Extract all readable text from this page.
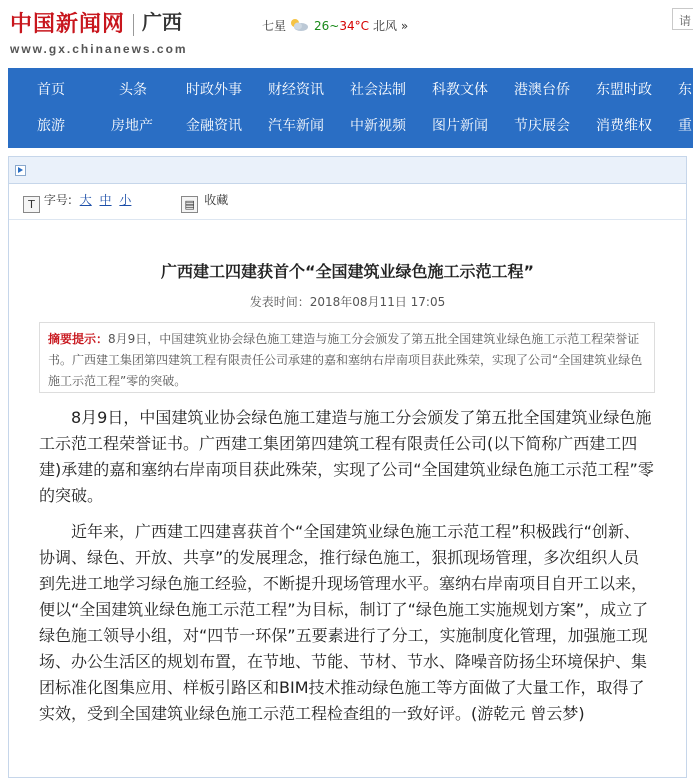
中国新闻网 广西
www.gx.chinanews.com
七星 26~34°C 北风 »	请
首页	头条	时政外事 财经资讯 社会法制 科教文体 港澳台侨 东盟时政 东
旅游	房地产 金融资讯 汽车新闻 中新视频 图片新闻 节庆展会 消费维权 重
T 字号: 大 中 小	▤ 收藏
广西建工四建获首个“全国建筑业绿色施工示范工程”
发表时间：2018年08月11日 17:05
摘要提示：8月9日，中国建筑业协会绿色施工建造与施工分会颁发了第五批全国建筑业绿色施工示范工程荣誉证书。广西建工集团第四建筑工程有限责任公司承建的嘉和塞纳右岸南项目获此殊荣，实现了公司“全国建筑业绿色施工示范工程”零的突破。

8月9日，中国建筑业协会绿色施工建造与施工分会颁发了第五批全国建筑业绿色施工示范工程荣誉证书。广西建工集团第四建筑工程有限责任公司(以下简称广西建工四建)承建的嘉和塞纳右岸南项目获此殊荣，实现了公司“全国建筑业绿色施工示范工程”零的突破。

近年来，广西建工四建喜获首个“全国建筑业绿色施工示范工程”积极践行“创新、协调、绿色、开放、共享”的发展理念，推行绿色施工，狠抓现场管理，多次组织人员到先进工地学习绿色施工经验，不断提升现场管理水平。塞纳右岸南项目自开工以来，便以“全国建筑业绿色施工示范工程”为目标，制订了“绿色施工实施规划方案”，成立了绿色施工领导小组，对“四节一环保”五要素进行了分工，实施制度化管理，加强施工现场、办公生活区的规划布置，在节地、节能、节材、节水、降噪音防扬尘环境保护、集团标准化图集应用、样板引路区和BIM技术推动绿色施工等方面做了大量工作，取得了实效，受到全国建筑业绿色施工示范工程检查组的一致好评。(游乾元 曾云梦)
